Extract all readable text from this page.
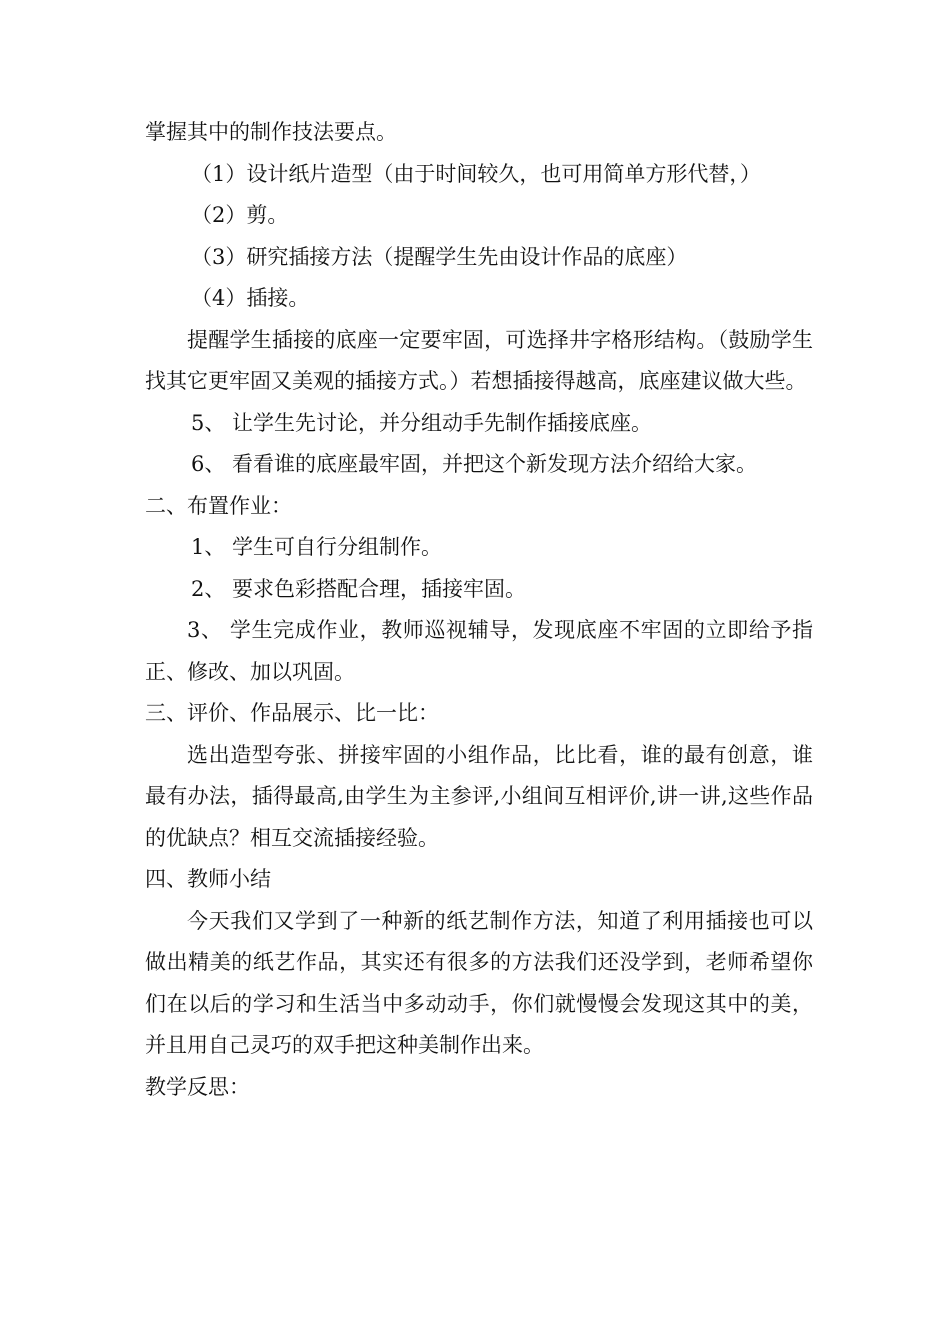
掌握其中的制作技法要点。
（1）设计纸片造型（由于时间较久，也可用简单方形代替，）
（2）剪。
（3）研究插接方法（提醒学生先由设计作品的底座）
（4）插接。
提醒学生插接的底座一定要牢固，可选择井字格形结构。（鼓励学生找其它更牢固又美观的插接方式。）若想插接得越高，底座建议做大些。
5、 让学生先讨论，并分组动手先制作插接底座。
6、 看看谁的底座最牢固，并把这个新发现方法介绍给大家。
二、布置作业：
1、 学生可自行分组制作。
2、 要求色彩搭配合理，插接牢固。
3、 学生完成作业，教师巡视辅导，发现底座不牢固的立即给予指正、修改、加以巩固。
三、评价、作品展示、比一比：
选出造型夸张、拼接牢固的小组作品，比比看，谁的最有创意，谁最有办法，插得最高,由学生为主参评,小组间互相评价,讲一讲,这些作品的优缺点？相互交流插接经验。
四、教师小结
今天我们又学到了一种新的纸艺制作方法，知道了利用插接也可以做出精美的纸艺作品，其实还有很多的方法我们还没学到，老师希望你们在以后的学习和生活当中多动动手，你们就慢慢会发现这其中的美，并且用自己灵巧的双手把这种美制作出来。
教学反思：
